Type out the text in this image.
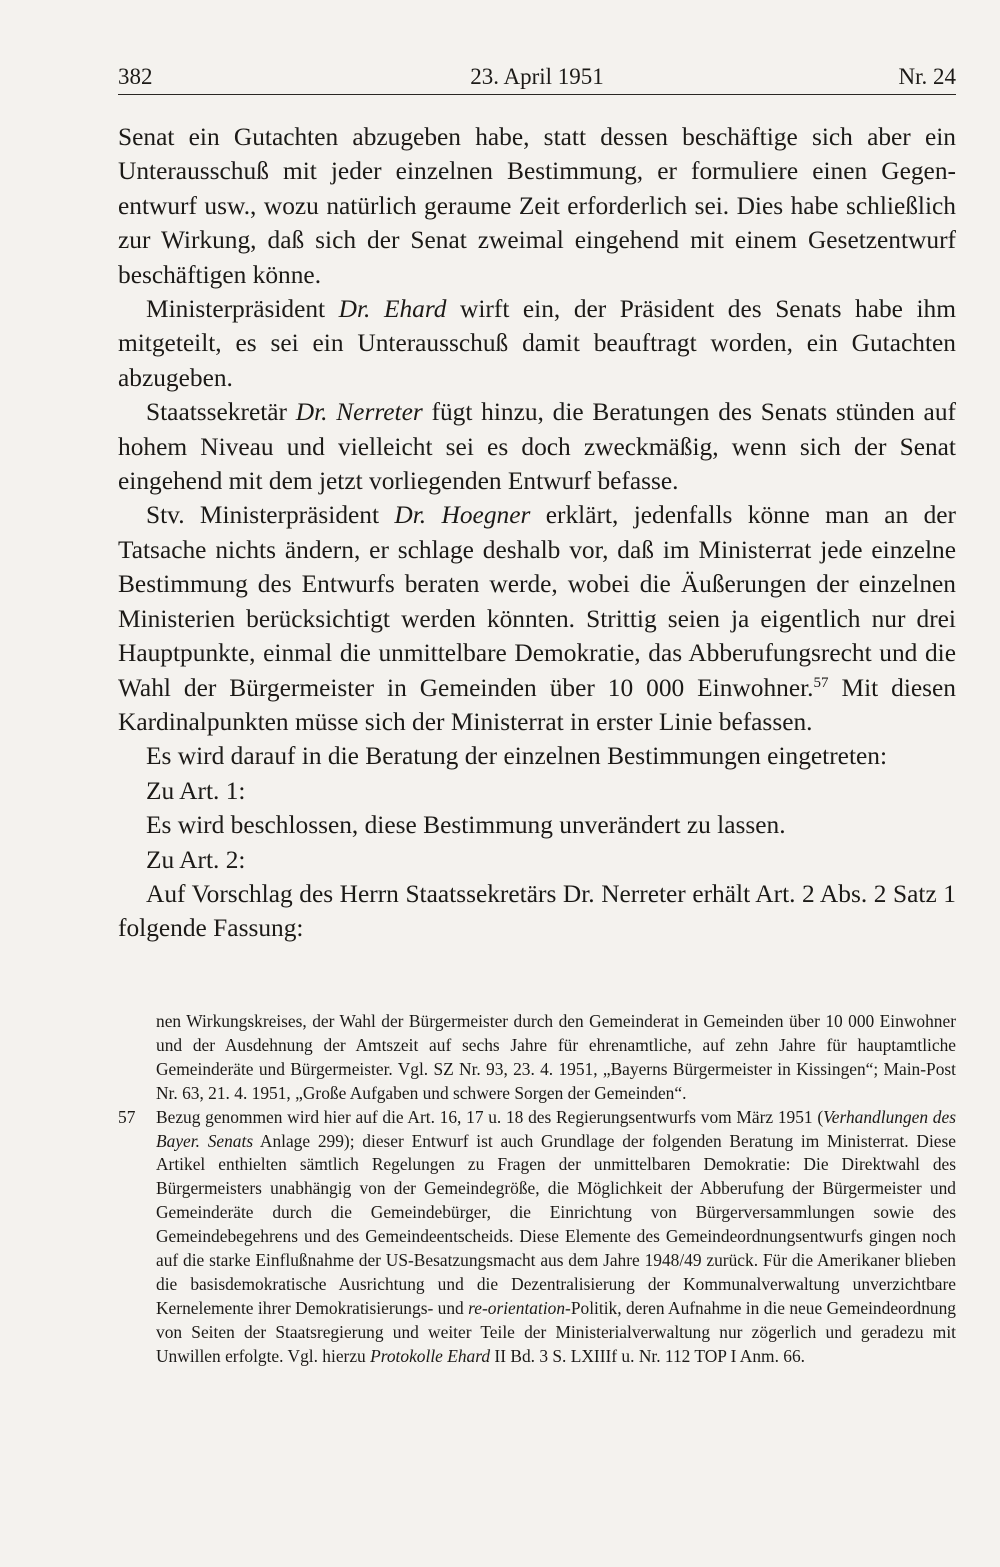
382	23. April 1951	Nr. 24

Senat ein Gutachten abzugeben habe, statt dessen beschäftige sich aber ein Unterausschuß mit jeder einzelnen Bestimmung, er formuliere einen Gegenentwurf usw., wozu natürlich geraume Zeit erforderlich sei. Dies habe schließlich zur Wirkung, daß sich der Senat zweimal eingehend mit einem Gesetzentwurf beschäftigen könne.

Ministerpräsident Dr. Ehard wirft ein, der Präsident des Senats habe ihm mitgeteilt, es sei ein Unterausschuß damit beauftragt worden, ein Gutachten abzugeben.

Staatssekretär Dr. Nerreter fügt hinzu, die Beratungen des Senats stünden auf hohem Niveau und vielleicht sei es doch zweckmäßig, wenn sich der Senat eingehend mit dem jetzt vorliegenden Entwurf befasse.

Stv. Ministerpräsident Dr. Hoegner erklärt, jedenfalls könne man an der Tatsache nichts ändern, er schlage deshalb vor, daß im Ministerrat jede einzelne Bestimmung des Entwurfs beraten werde, wobei die Äußerungen der einzelnen Ministerien berücksichtigt werden könnten. Strittig seien ja eigentlich nur drei Hauptpunkte, einmal die unmittelbare Demokratie, das Abberufungsrecht und die Wahl der Bürgermeister in Gemeinden über 10 000 Einwohner.$^{57}$ Mit diesen Kardinalpunkten müsse sich der Ministerrat in erster Linie befassen.

Es wird darauf in die Beratung der einzelnen Bestimmungen eingetreten:

Zu Art. 1:

Es wird beschlossen, diese Bestimmung unverändert zu lassen.

Zu Art. 2:

Auf Vorschlag des Herrn Staatssekretärs Dr. Nerreter erhält Art. 2 Abs. 2 Satz 1 folgende Fassung:

nen Wirkungskreises, der Wahl der Bürgermeister durch den Gemeinderat in Gemeinden über 10 000 Einwohner und der Ausdehnung der Amtszeit auf sechs Jahre für ehrenamtliche, auf zehn Jahre für hauptamtliche Gemeinderäte und Bürgermeister. Vgl. SZ Nr. 93, 23. 4. 1951, „Bayerns Bürgermeister in Kissingen“; Main-Post Nr. 63, 21. 4. 1951, „Große Aufgaben und schwere Sorgen der Gemeinden“.

57 Bezug genommen wird hier auf die Art. 16, 17 u. 18 des Regierungsentwurfs vom März 1951 (Verhandlungen des Bayer. Senats Anlage 299); dieser Entwurf ist auch Grundlage der folgenden Beratung im Ministerrat. Diese Artikel enthielten sämtlich Regelungen zu Fragen der unmittelbaren Demokratie: Die Direktwahl des Bürgermeisters unabhängig von der Gemeindegröße, die Möglichkeit der Abberufung der Bürgermeister und Gemeinderäte durch die Gemeindebürger, die Einrichtung von Bürgerversammlungen sowie des Gemeindebegehrens und des Gemeindeentscheids. Diese Elemente des Gemeindeordnungsentwurfs gingen noch auf die starke Einflußnahme der US-Besatzungsmacht aus dem Jahre 1948/49 zurück. Für die Amerikaner blieben die basisdemokratische Ausrichtung und die Dezentralisierung der Kommunalverwaltung unverzichtbare Kernelemente ihrer Demokratisierungs- und re-orientation-Politik, deren Aufnahme in die neue Gemeindeordnung von Seiten der Staatsregierung und weiter Teile der Ministerialverwaltung nur zögerlich und geradezu mit Unwillen erfolgte. Vgl. hierzu Protokolle Ehard II Bd. 3 S. LXIIIf u. Nr. 112 TOP I Anm. 66.
